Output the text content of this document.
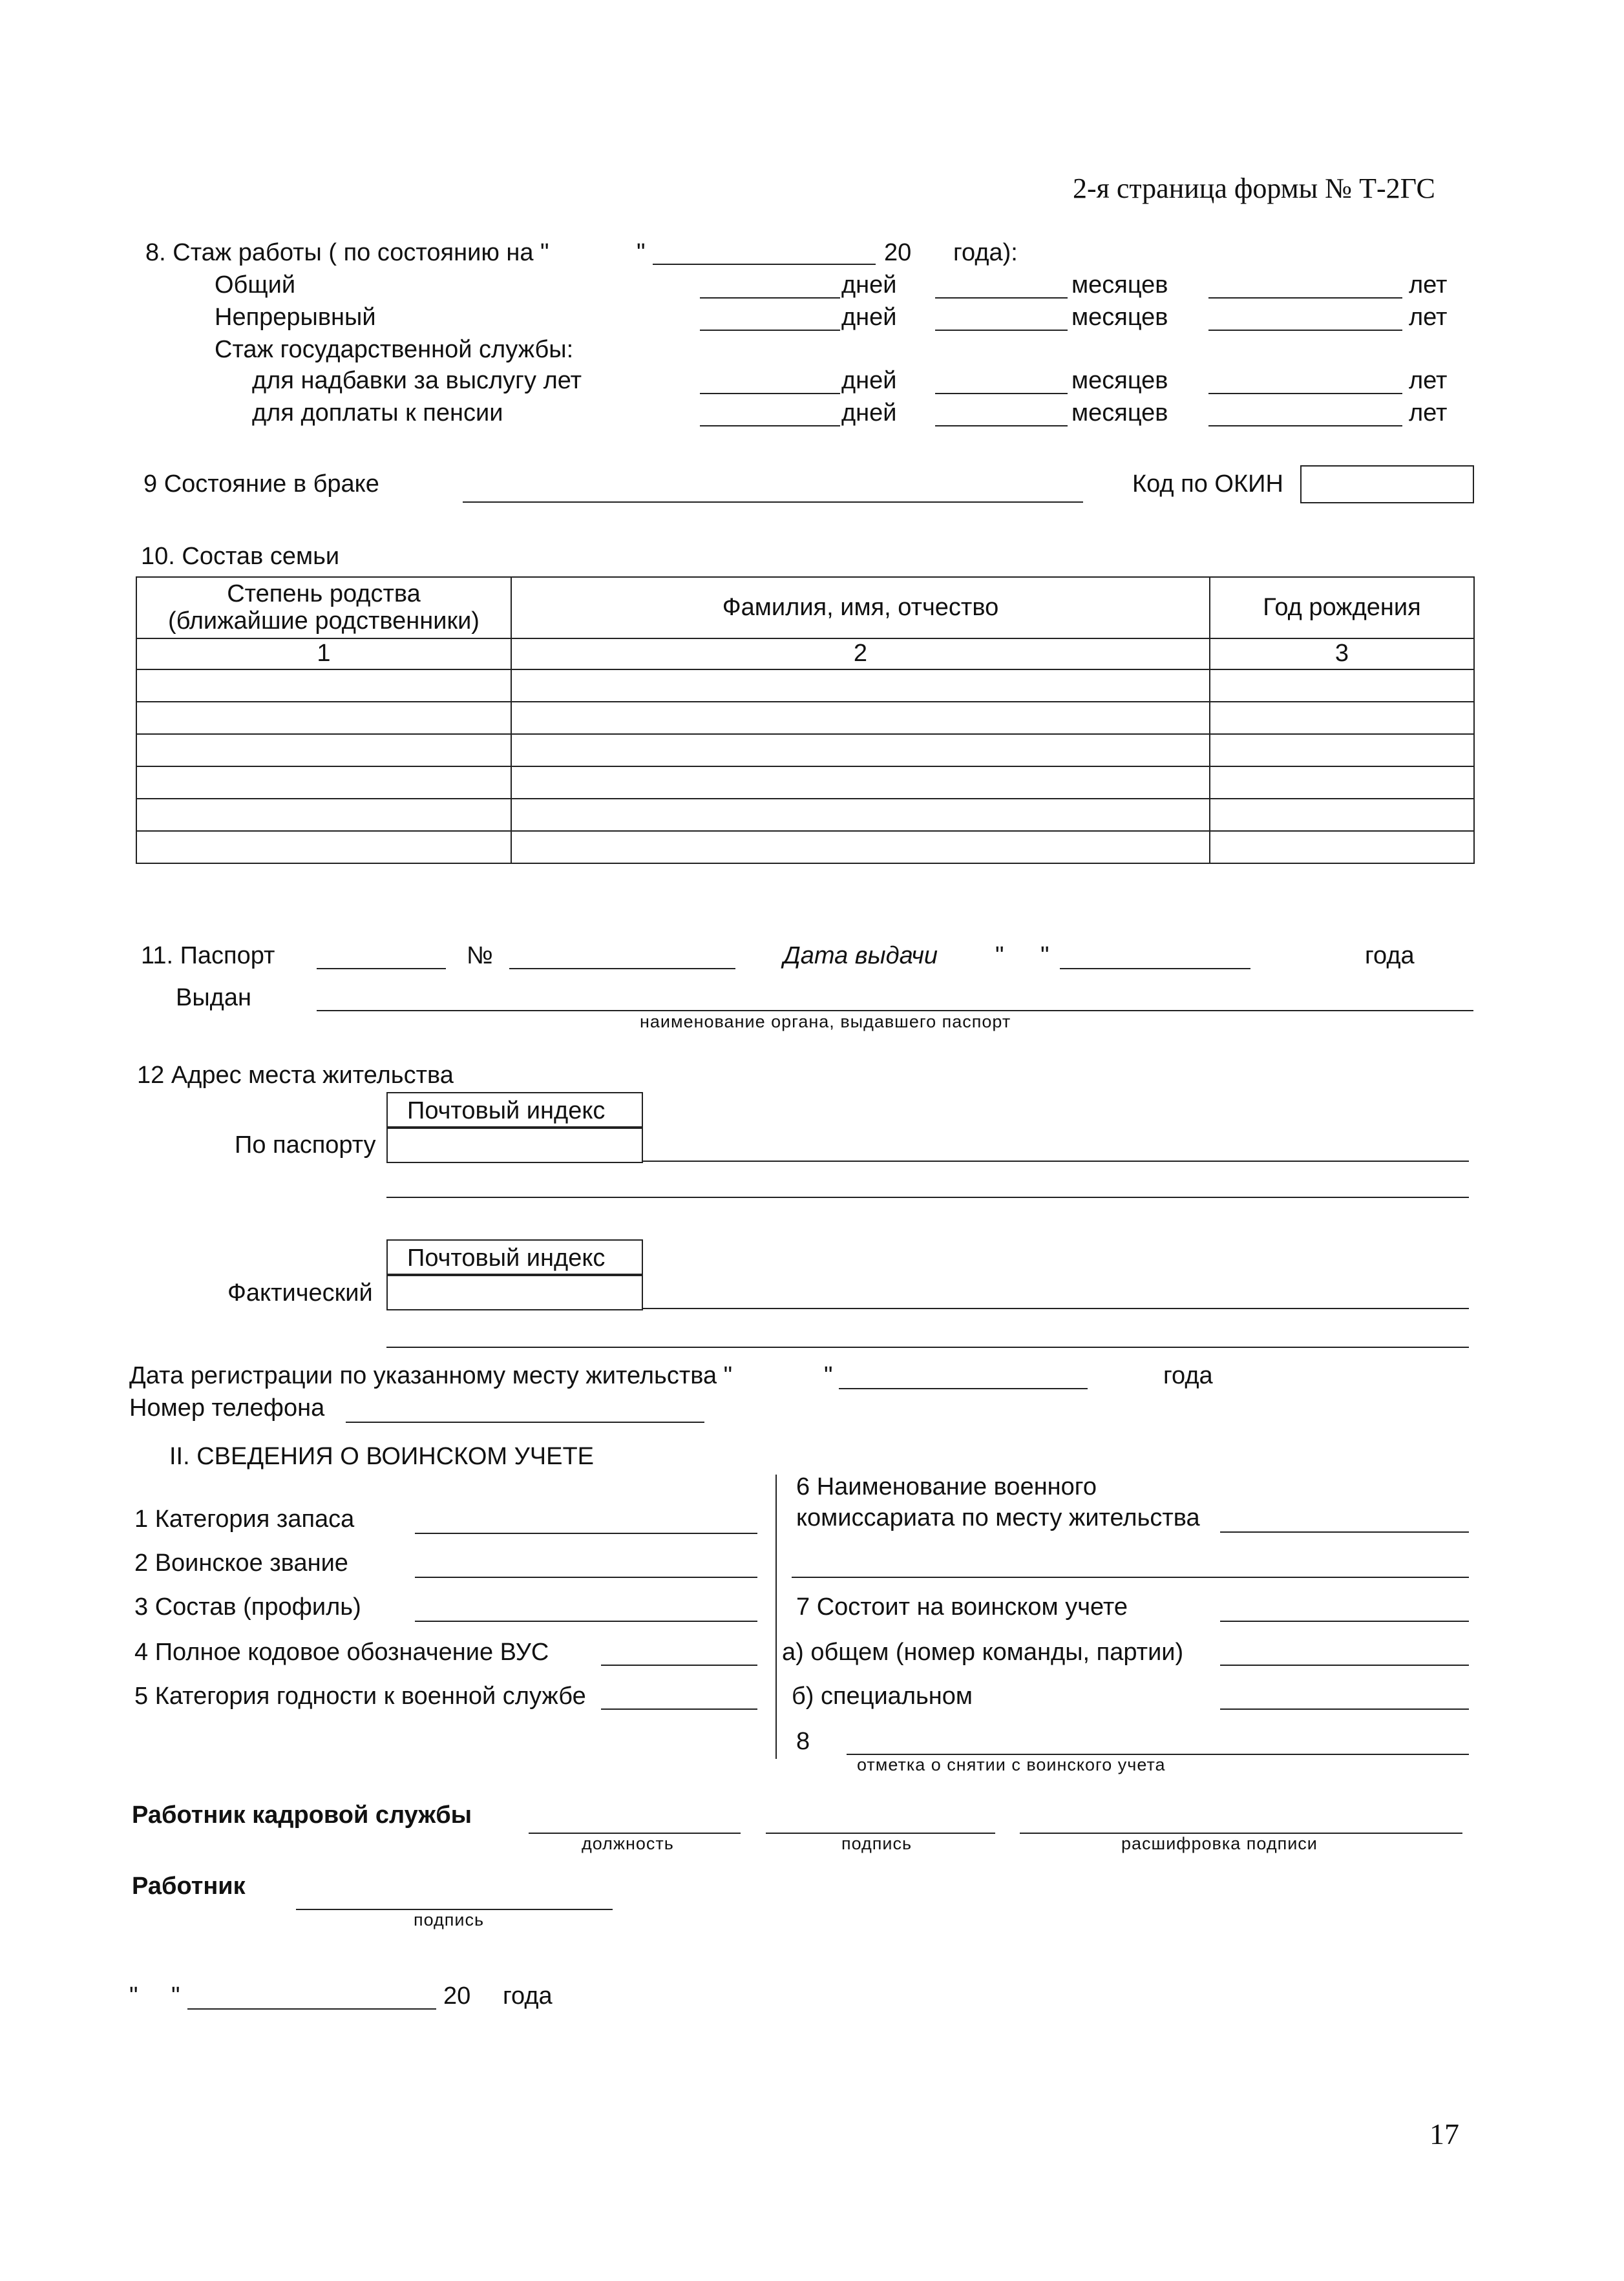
2-я страница формы № Т-2ГС
8. Стаж работы ( по состоянию на "	"	20 года):
Общий	дней	месяцев	лет
Непрерывный	дней	месяцев	лет
Стаж государственной службы:
для надбавки за выслугу лет	дней	месяцев	лет
для доплаты к пенсии	дней	месяцев	лет
9 Состояние в браке	Код по ОКИН
10. Состав семьи
Степень родства
(ближайшие родственники)	Фамилия, имя, отчество	Год рождения
1	2	3

11. Паспорт	№	Дата выдачи " "	года
Выдан
наименование органа, выдавшего паспорт
12 Адрес места жительства
Почтовый индекс
По паспорту
Почтовый индекс
Фактический
Дата регистрации по указанному месту жительства "	"	года
Номер телефона
II. СВЕДЕНИЯ О ВОИНСКОМ УЧЕТЕ
1 Категория запаса
2 Воинское звание
3 Состав (профиль)
4 Полное кодовое обозначение ВУС
5 Категория годности к военной службе
6 Наименование военного
комиссариата по месту жительства
7 Состоит на воинском учете
а) общем (номер команды, партии)
б) специальном
8
отметка о снятии с воинского учета
Работник кадровой службы
должность	подпись	расшифровка подписи
Работник
подпись
" "	20 года
17
